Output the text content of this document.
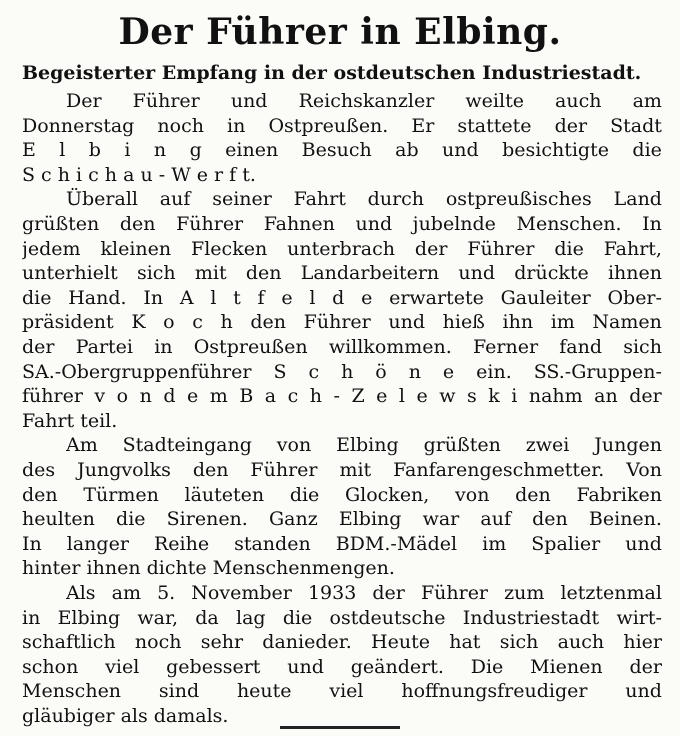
Der Führer in Elbing.
Begeisterter Empfang in der ostdeutschen Industriestadt.
Der Führer und Reichskanzler weilte auch am
Donnerstag noch in Ostpreußen. Er stattete der Stadt
E l b i n g einen Besuch ab und besichtigte die
S c h i c h a u - W e r f t.
Überall auf seiner Fahrt durch ostpreußisches Land
grüßten den Führer Fahnen und jubelnde Menschen. In
jedem kleinen Flecken unterbrach der Führer die Fahrt,
unterhielt sich mit den Landarbeitern und drückte ihnen
die Hand. In A l t f e l d e erwartete Gauleiter Ober-
präsident K o c h den Führer und hieß ihn im Namen
der Partei in Ostpreußen willkommen. Ferner fand sich
SA.-Obergruppenführer S c h ö n e ein. SS.-Gruppen-
führer v o n d e m B a c h - Z e l e w s k i nahm an der
Fahrt teil.
Am Stadteingang von Elbing grüßten zwei Jungen
des Jungvolks den Führer mit Fanfarengeschmetter. Von
den Türmen läuteten die Glocken, von den Fabriken
heulten die Sirenen. Ganz Elbing war auf den Beinen.
In langer Reihe standen BDM.-Mädel im Spalier und
hinter ihnen dichte Menschenmengen.
Als am 5. November 1933 der Führer zum letztenmal
in Elbing war, da lag die ostdeutsche Industriestadt wirt-
schaftlich noch sehr danieder. Heute hat sich auch hier
schon viel gebessert und geändert. Die Mienen der
Menschen sind heute viel hoffnungsfreudiger und
gläubiger als damals.
